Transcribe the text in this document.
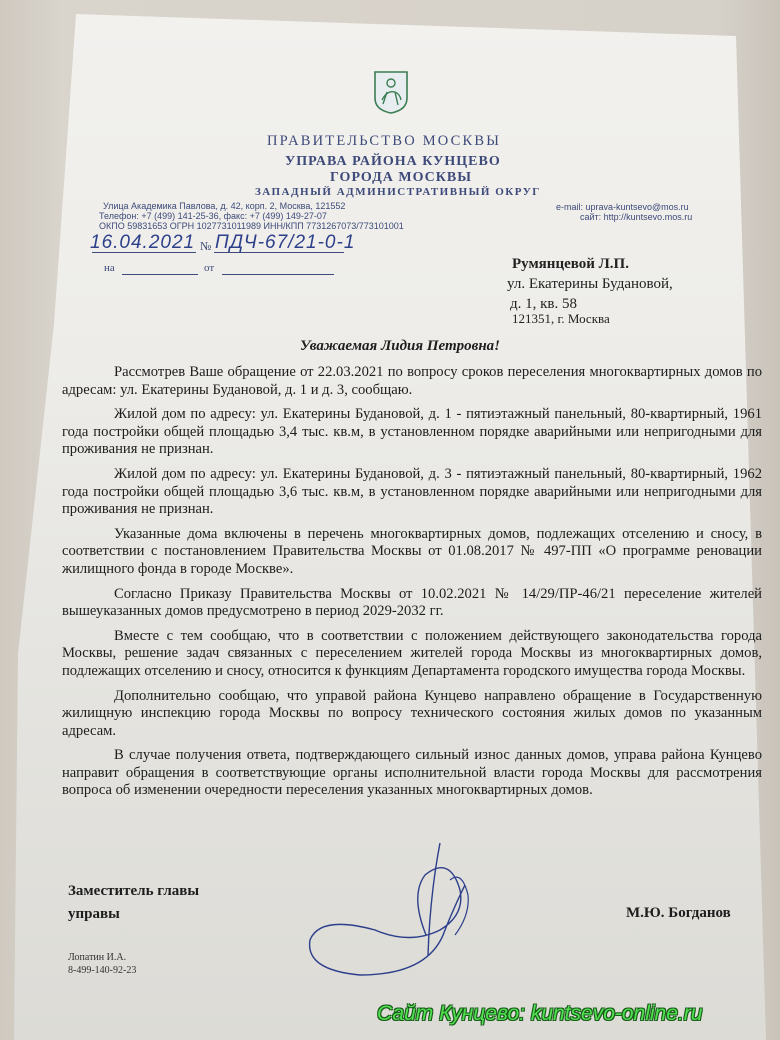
ПРАВИТЕЛЬСТВО МОСКВЫ
УПРАВА РАЙОНА КУНЦЕВО
ГОРОДА МОСКВЫ
ЗАПАДНЫЙ АДМИНИСТРАТИВНЫЙ ОКРУГ
Улица Академика Павлова, д. 42, корп. 2, Москва, 121552
Телефон: +7 (499) 141-25-36, факс: +7 (499) 149-27-07
ОКПО 59831653 ОГРН 1027731011989 ИНН/КПП 7731267073/773101001
e-mail: uprava-kuntsevo@mos.ru
сайт: http://kuntsevo.mos.ru
16.04.2021 № ПДЧ-67/21-0-1
на	от	Румянцевой Л.П.
ул. Екатерины Будановой,
д. 1, кв. 58
121351, г. Москва
Уважаемая Лидия Петровна!

Рассмотрев Ваше обращение от 22.03.2021 по вопросу сроков переселения многоквартирных домов по адресам: ул. Екатерины Будановой, д. 1 и д. 3, сообщаю.

Жилой дом по адресу: ул. Екатерины Будановой, д. 1 - пятиэтажный панельный, 80-квартирный, 1961 года постройки общей площадью 3,4 тыс. кв.м, в установленном порядке аварийными или непригодными для проживания не признан.

Жилой дом по адресу: ул. Екатерины Будановой, д. 3 - пятиэтажный панельный, 80-квартирный, 1962 года постройки общей площадью 3,6 тыс. кв.м, в установленном порядке аварийными или непригодными для проживания не признан.

Указанные дома включены в перечень многоквартирных домов, подлежащих отселению и сносу, в соответствии с постановлением Правительства Москвы от 01.08.2017 № 497-ПП «О программе реновации жилищного фонда в городе Москве».

Согласно Приказу Правительства Москвы от 10.02.2021 № 14/29/ПР-46/21 переселение жителей вышеуказанных домов предусмотрено в период 2029-2032 гг.

Вместе с тем сообщаю, что в соответствии с положением действующего законодательства города Москвы, решение задач связанных с переселением жителей города Москвы из многоквартирных домов, подлежащих отселению и сносу, относится к функциям Департамента городского имущества города Москвы.

Дополнительно сообщаю, что управой района Кунцево направлено обращение в Государственную жилищную инспекцию города Москвы по вопросу технического состояния жилых домов по указанным адресам.

В случае получения ответа, подтверждающего сильный износ данных домов, управа района Кунцево направит обращения в соответствующие органы исполнительной власти города Москвы для рассмотрения вопроса об изменении очередности переселения указанных многоквартирных домов.

Заместитель главы
управы	М.Ю. Богданов
Лопатин И.А.
8-499-140-92-23
Сайт Кунцево: kuntsevo-online.ru
